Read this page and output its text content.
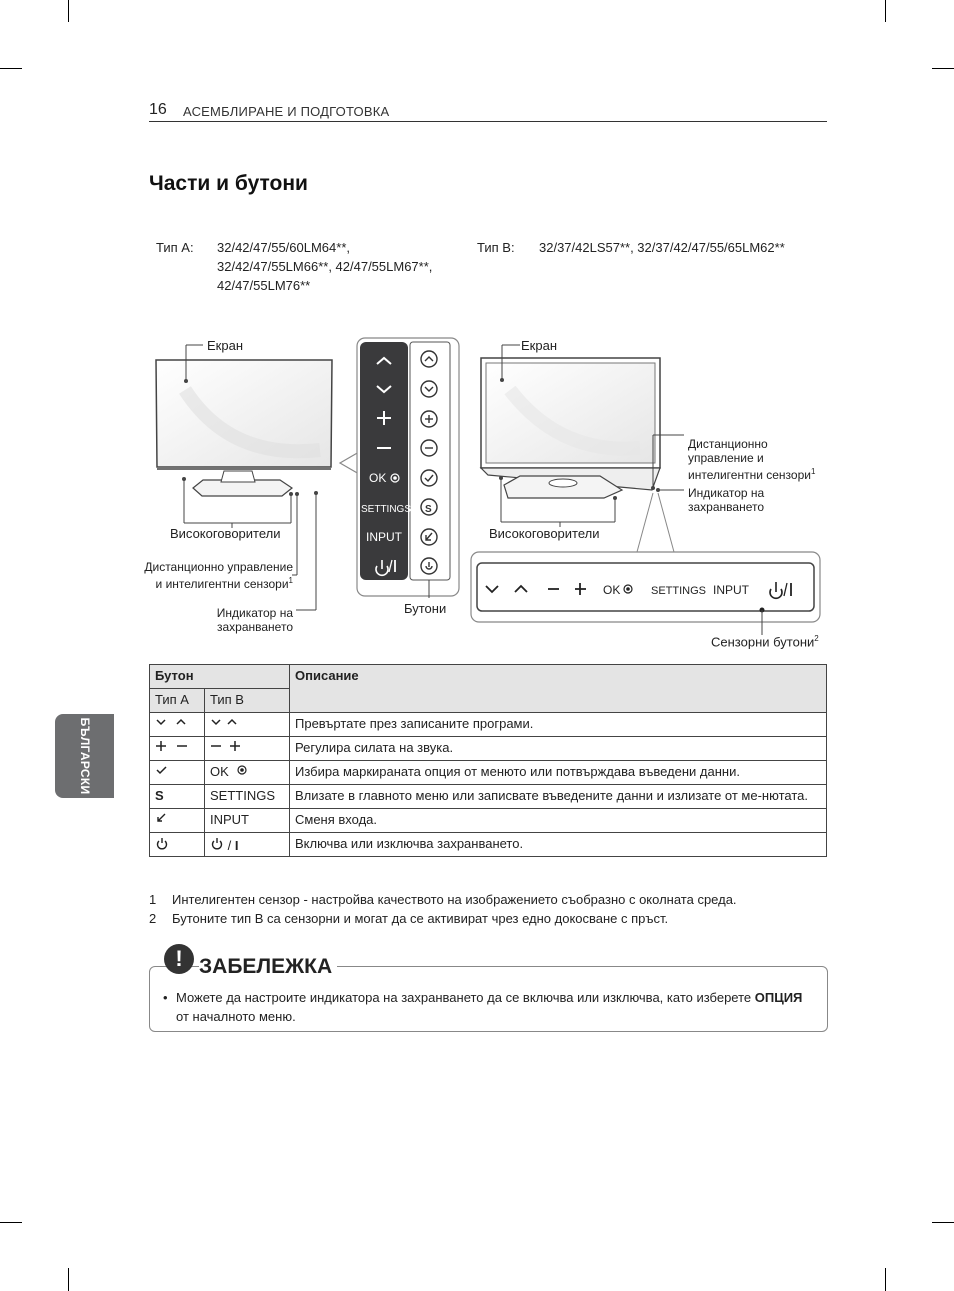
16 АСЕМБЛИРАНЕ И ПОДГОТОВКА
Части и бутони
БЪЛГАРСКИ
Тип А: 32/42/47/55/60LM64**,
32/42/47/55LM66**, 42/47/55LM67**,
42/47/55LM76**
Тип В: 32/37/42LS57**, 32/37/42/47/55/65LM62**
OK
SETTINGS
INPUT
S
OK	SETTINGS INPUT
Екран
Високоговорители
Дистанционно управление
и интелигентни сензори$^1$
Индикатор на
захранването
Бутони
Екран
Високоговорители
Дистанционно
управление и
интелигентни сензори$^1$
Индикатор на
захранването
Сензорни бутони$^2$
Бутон		Описание
Тип А	Тип В	
		Превъртате през записаните програми.
		Регулира силата на звука.
	OK	Избира маркираната опция от менюто или потвърждава въведени данни.
S	SETTINGS	Влизате в главното меню или записвате въведените данни и излизате от ме-нютата.
	INPUT	Сменя входа.
	/ I	Включва или изключва захранването.
1 Интелигентен сензор - настройва качеството на изображението съобразно с околната среда.
2 Бутоните тип В са сензорни и могат да се активират чрез едно докосване с пръст.
! ЗАБЕЛЕЖКА
• Можете да настроите индикатора на захранването да се включва или изключва, като изберете ОПЦИЯ от началното меню.
